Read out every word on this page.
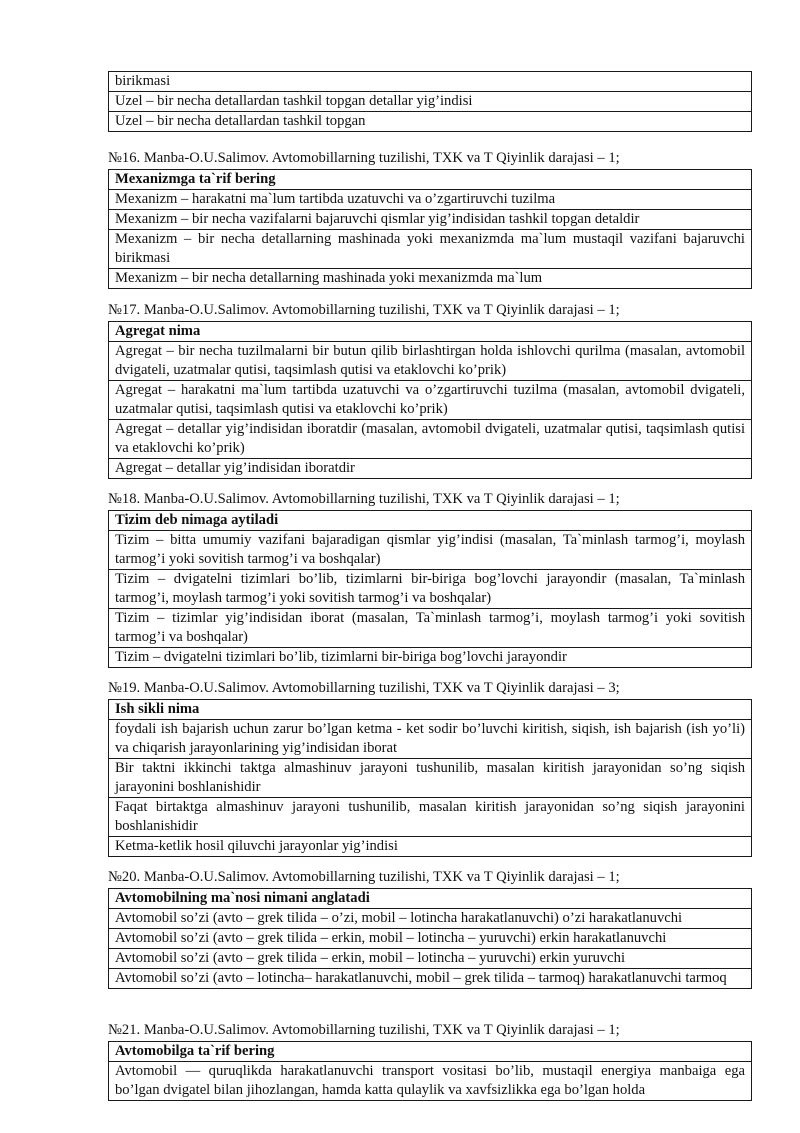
birikmasi
Uzel – bir necha detallardan tashkil topgan detallar yig’indisi
Uzel – bir necha detallardan tashkil topgan
№16. Manba-O.U.Salimov. Avtomobillarning tuzilishi, TXK va T Qiyinlik darajasi – 1;
Mexanizmga ta`rif bering
Mexanizm – harakatni ma`lum tartibda uzatuvchi va o’zgartiruvchi tuzilma
Mexanizm – bir necha vazifalarni bajaruvchi qismlar yig’indisidan tashkil topgan detaldir
Mexanizm – bir necha detallarning mashinada yoki mexanizmda ma`lum mustaqil vazifani bajaruvchi birikmasi
Mexanizm – bir necha detallarning mashinada yoki mexanizmda ma`lum
№17. Manba-O.U.Salimov. Avtomobillarning tuzilishi, TXK va T Qiyinlik darajasi – 1;
Agregat nima
Agregat – bir necha tuzilmalarni bir butun qilib birlashtirgan holda ishlovchi qurilma (masalan, avtomobil dvigateli, uzatmalar qutisi, taqsimlash qutisi va etaklovchi ko’prik)
Agregat – harakatni ma`lum tartibda uzatuvchi va o’zgartiruvchi tuzilma (masalan, avtomobil dvigateli, uzatmalar qutisi, taqsimlash qutisi va etaklovchi ko’prik)
Agregat – detallar yig’indisidan iboratdir (masalan, avtomobil dvigateli, uzatmalar qutisi, taqsimlash qutisi va etaklovchi ko’prik)
Agregat – detallar yig’indisidan iboratdir
№18. Manba-O.U.Salimov. Avtomobillarning tuzilishi, TXK va T Qiyinlik darajasi – 1;
Tizim deb nimaga aytiladi
Tizim – bitta umumiy vazifani bajaradigan qismlar yig’indisi (masalan, Ta`minlash tarmog’i, moylash tarmog’i yoki sovitish tarmog’i va boshqalar)
Tizim – dvigatelni tizimlari bo’lib, tizimlarni bir-biriga bog’lovchi jarayondir (masalan, Ta`minlash tarmog’i, moylash tarmog’i yoki sovitish tarmog’i va boshqalar)
Tizim – tizimlar yig’indisidan iborat (masalan, Ta`minlash tarmog’i, moylash tarmog’i yoki sovitish tarmog’i va boshqalar)
Tizim – dvigatelni tizimlari bo’lib, tizimlarni bir-biriga bog’lovchi jarayondir
№19. Manba-O.U.Salimov. Avtomobillarning tuzilishi, TXK va T Qiyinlik darajasi – 3;
Ish sikli nima
foydali ish bajarish uchun zarur bo’lgan ketma - ket sodir bo’luvchi kiritish, siqish, ish bajarish (ish yo’li) va chiqarish jarayonlarining yig’indisidan iborat
Bir taktni ikkinchi taktga almashinuv jarayoni tushunilib, masalan kiritish jarayonidan so’ng siqish jarayonini boshlanishidir
Faqat birtaktga almashinuv jarayoni tushunilib, masalan kiritish jarayonidan so’ng siqish jarayonini boshlanishidir
Ketma-ketlik hosil qiluvchi jarayonlar yig’indisi
№20. Manba-O.U.Salimov. Avtomobillarning tuzilishi, TXK va T Qiyinlik darajasi – 1;
Avtomobilning ma`nosi nimani anglatadi
Avtomobil so’zi (avto – grek tilida – o’zi, mobil – lotincha harakatlanuvchi) o’zi harakatlanuvchi
Avtomobil so’zi (avto – grek tilida – erkin, mobil – lotincha – yuruvchi) erkin harakatlanuvchi
Avtomobil so’zi (avto – grek tilida – erkin, mobil – lotincha – yuruvchi) erkin yuruvchi
Avtomobil so’zi (avto – lotincha– harakatlanuvchi, mobil – grek tilida – tarmoq) harakatlanuvchi tarmoq
№21. Manba-O.U.Salimov. Avtomobillarning tuzilishi, TXK va T Qiyinlik darajasi – 1;
Avtomobilga ta`rif bering
Avtomobil — quruqlikda harakatlanuvchi transport vositasi bo’lib, mustaqil energiya manbaiga ega bo’lgan dvigatel bilan jihozlangan, hamda katta qulaylik va xavfsizlikka ega bo’lgan holda
